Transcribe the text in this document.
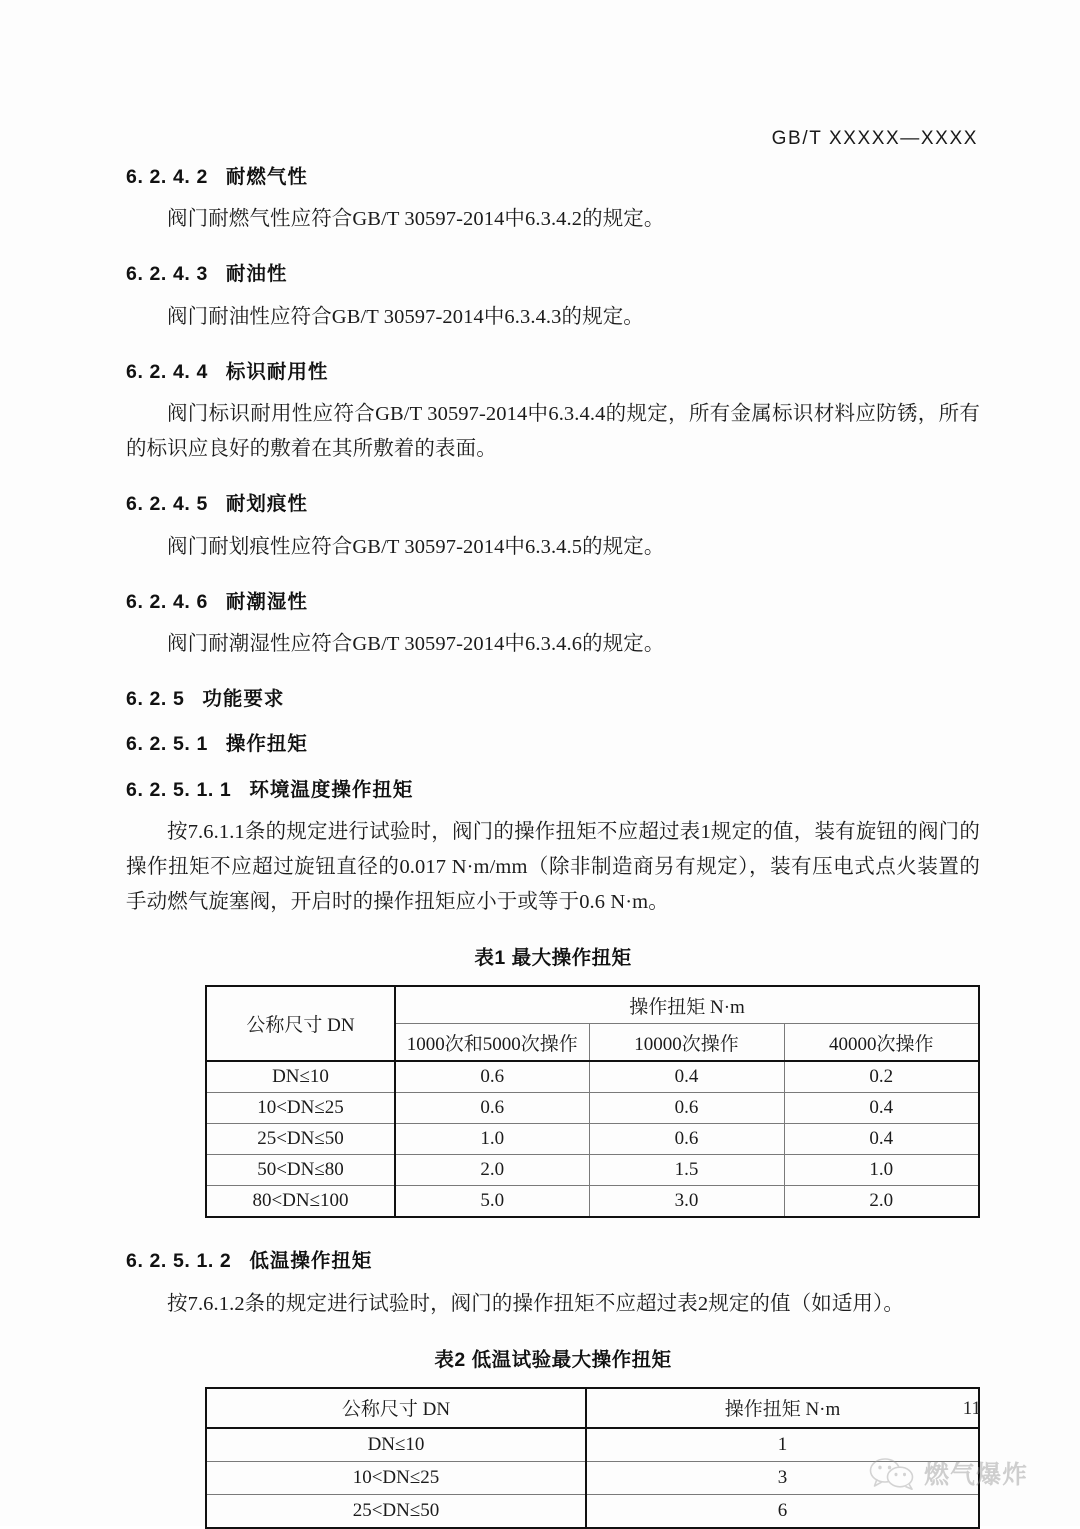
GB/T XXXXX—XXXX
6. 2. 4. 2 耐燃气性

阀门耐燃气性应符合GB/T 30597-2014中6.3.4.2的规定。

6. 2. 4. 3 耐油性

阀门耐油性应符合GB/T 30597-2014中6.3.4.3的规定。

6. 2. 4. 4 标识耐用性

阀门标识耐用性应符合GB/T 30597-2014中6.3.4.4的规定，所有金属标识材料应防锈，所有的标识应良好的敷着在其所敷着的表面。

6. 2. 4. 5 耐划痕性

阀门耐划痕性应符合GB/T 30597-2014中6.3.4.5的规定。

6. 2. 4. 6 耐潮湿性

阀门耐潮湿性应符合GB/T 30597-2014中6.3.4.6的规定。

6. 2. 5 功能要求
6. 2. 5. 1 操作扭矩
6. 2. 5. 1. 1 环境温度操作扭矩

按7.6.1.1条的规定进行试验时，阀门的操作扭矩不应超过表1规定的值，装有旋钮的阀门的操作扭矩不应超过旋钮直径的0.017 N·m/mm（除非制造商另有规定），装有压电式点火装置的手动燃气旋塞阀，开启时的操作扭矩应小于或等于0.6 N·m。

表1 最大操作扭矩
公称尺寸 DN	操作扭矩 N·m		
	1000次和5000次操作	10000次操作	40000次操作
DN≤10	0.6	0.4	0.2
10<DN≤25	0.6	0.6	0.4
25<DN≤50	1.0	0.6	0.4
50<DN≤80	2.0	1.5	1.0
80<DN≤100	5.0	3.0	2.0
6. 2. 5. 1. 2 低温操作扭矩

按7.6.1.2条的规定进行试验时，阀门的操作扭矩不应超过表2规定的值（如适用）。

表2 低温试验最大操作扭矩
公称尺寸 DN	操作扭矩 N·m
DN≤10	1
10<DN≤25	3
25<DN≤50	6
11
燃气爆炸
